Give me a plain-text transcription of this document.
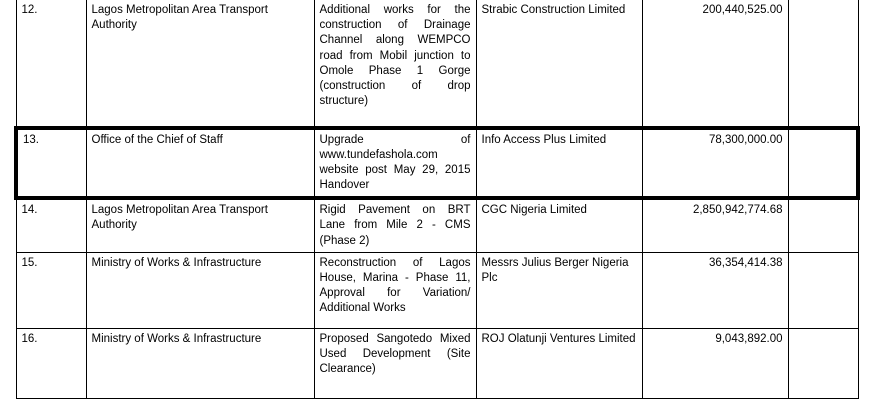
12.	Lagos Metropolitan Area Transport Authority	Additional works for the construction of Drainage Channel along WEMPCO road from Mobil junction to Omole Phase 1 Gorge (construction of drop structure)	Strabic Construction Limited	200,440,525.00	
13.	Office of the Chief of Staff	Upgrade of www.tundefashola.com website post May 29, 2015 Handover	Info Access Plus Limited	78,300,000.00	
14.	Lagos Metropolitan Area Transport Authority	Rigid Pavement on BRT Lane from Mile 2 - CMS (Phase 2)	CGC Nigeria Limited	2,850,942,774.68	
15.	Ministry of Works & Infrastructure	Reconstruction of Lagos House, Marina - Phase 11, Approval for Variation/ Additional Works	Messrs Julius Berger Nigeria Plc	36,354,414.38	
16.	Ministry of Works & Infrastructure	Proposed Sangotedo Mixed Used Development (Site Clearance)	ROJ Olatunji Ventures Limited	9,043,892.00	
